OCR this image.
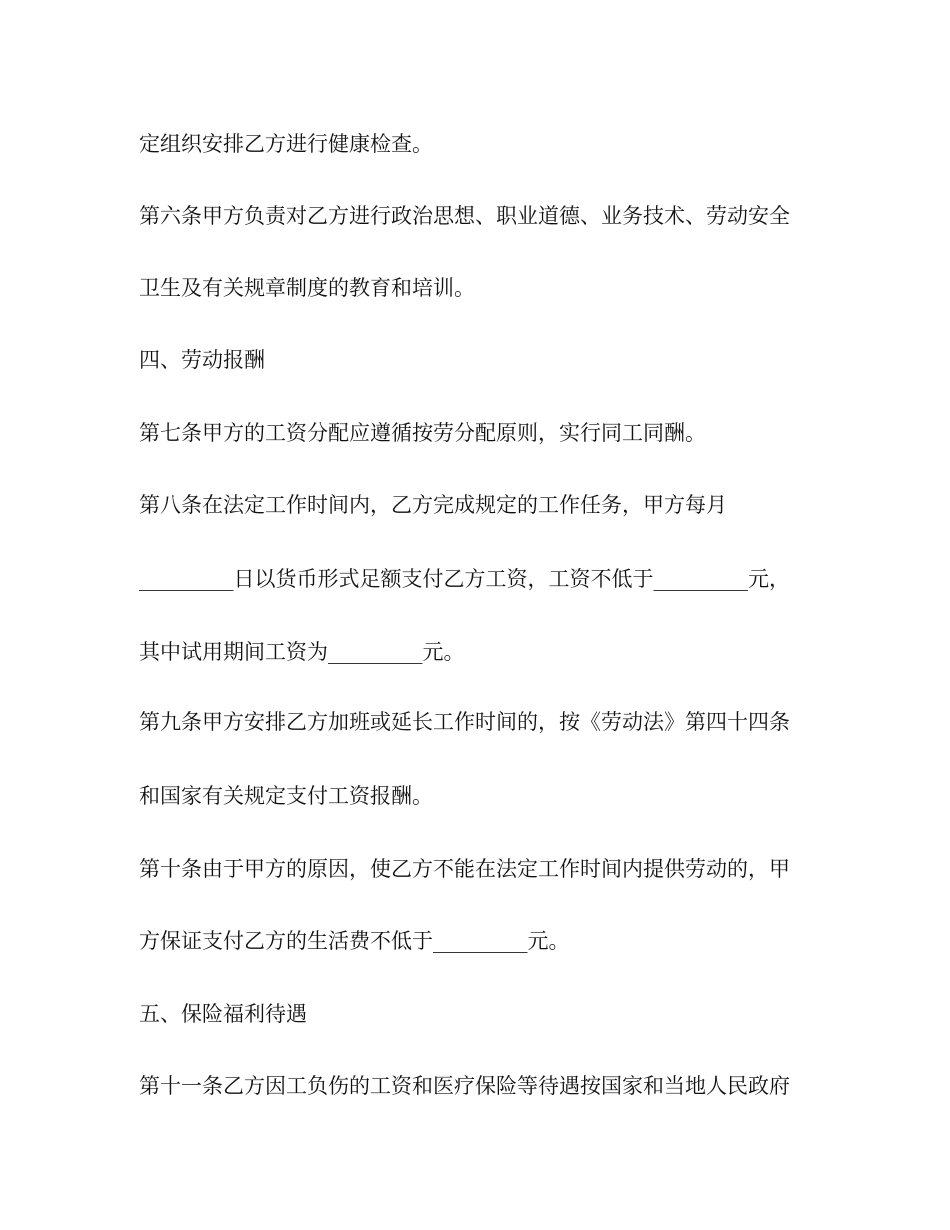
定组织安排乙方进行健康检查。
第六条甲方负责对乙方进行政治思想、职业道德、业务技术、劳动安全
卫生及有关规章制度的教育和培训。
四、劳动报酬
第七条甲方的工资分配应遵循按劳分配原则，实行同工同酬。
第八条在法定工作时间内，乙方完成规定的工作任务，甲方每月
_________日以货币形式足额支付乙方工资，工资不低于_________元，
其中试用期间工资为_________元。
第九条甲方安排乙方加班或延长工作时间的，按《劳动法》第四十四条
和国家有关规定支付工资报酬。
第十条由于甲方的原因，使乙方不能在法定工作时间内提供劳动的，甲
方保证支付乙方的生活费不低于_________元。
五、保险福利待遇
第十一条乙方因工负伤的工资和医疗保险等待遇按国家和当地人民政府
